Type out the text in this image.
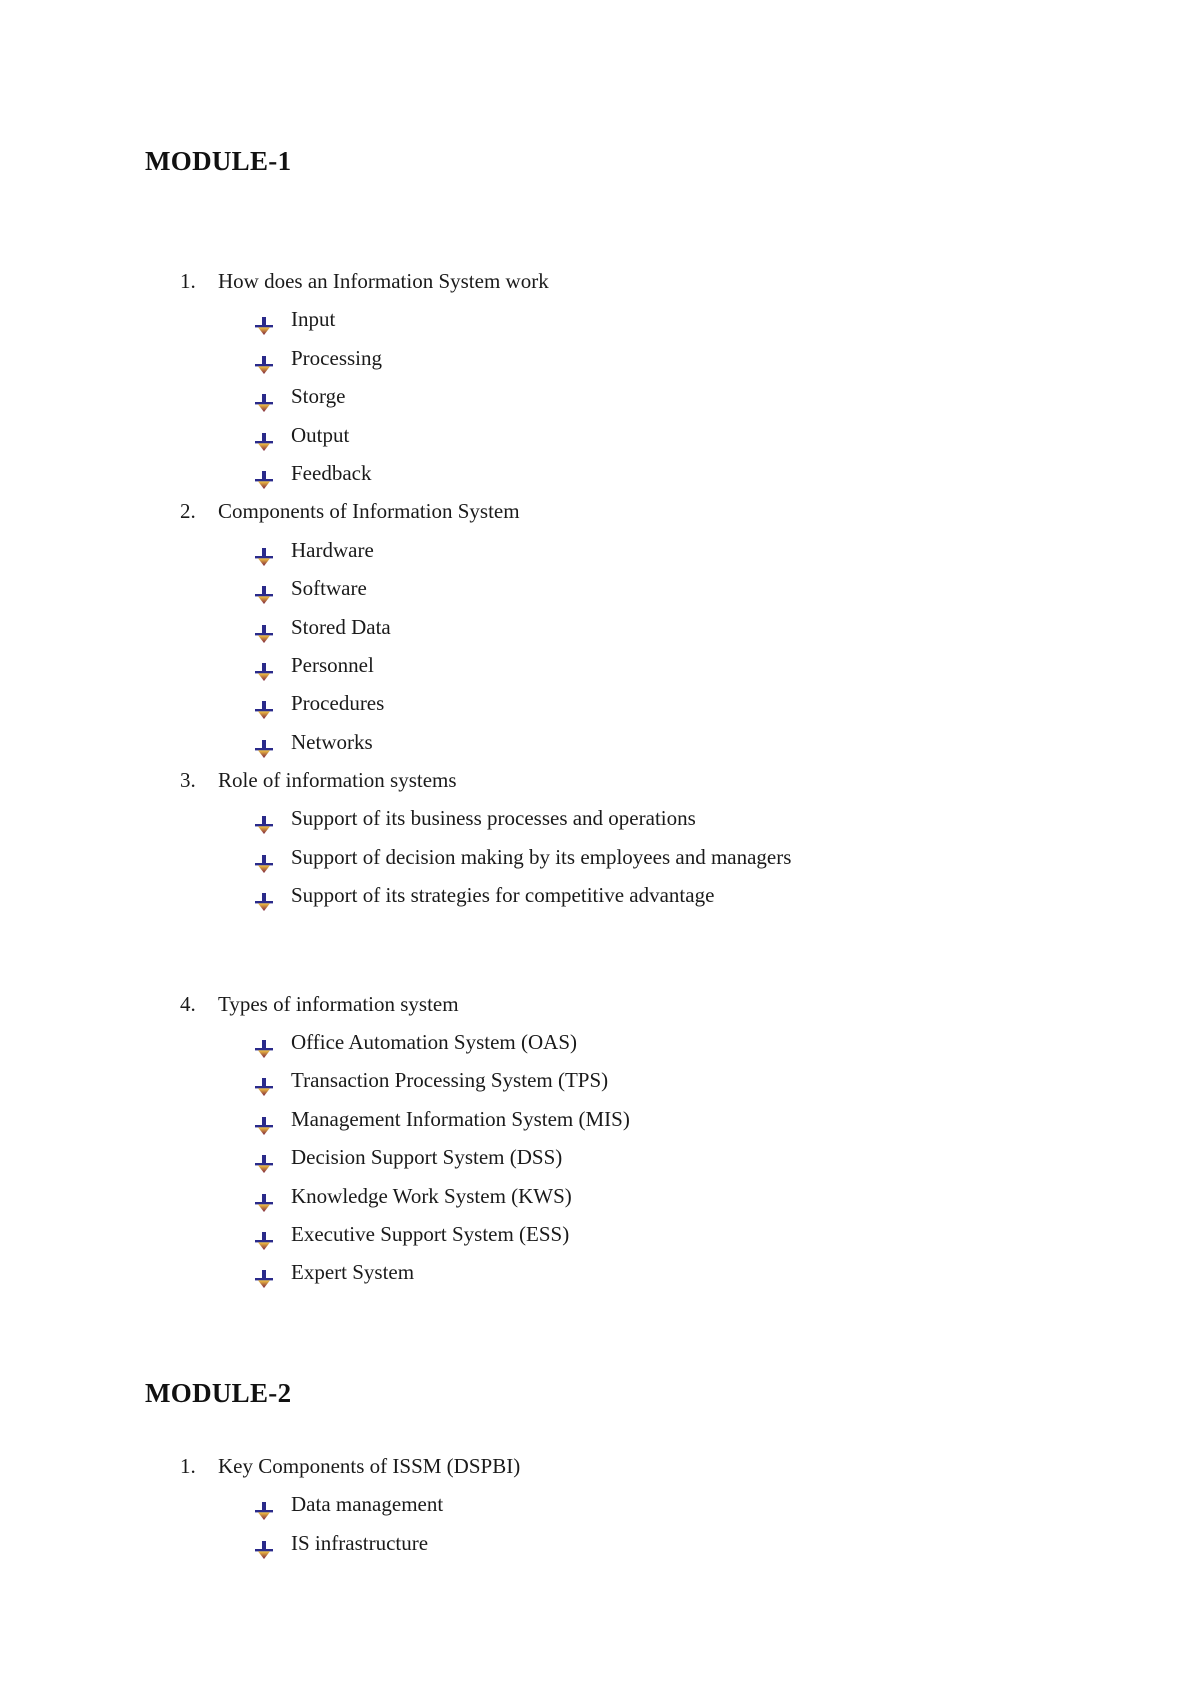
MODULE-1
1. How does an Information System work
Input
Processing
Storge
Output
Feedback
2. Components of Information System
Hardware
Software
Stored Data
Personnel
Procedures
Networks
3. Role of information systems
Support of its business processes and operations
Support of decision making by its employees and managers
Support of its strategies for competitive advantage
4. Types of information system
Office Automation System (OAS)
Transaction Processing System (TPS)
Management Information System (MIS)
Decision Support System (DSS)
Knowledge Work System (KWS)
Executive Support System (ESS)
Expert System
MODULE-2
1. Key Components of ISSM (DSPBI)
Data management
IS infrastructure
